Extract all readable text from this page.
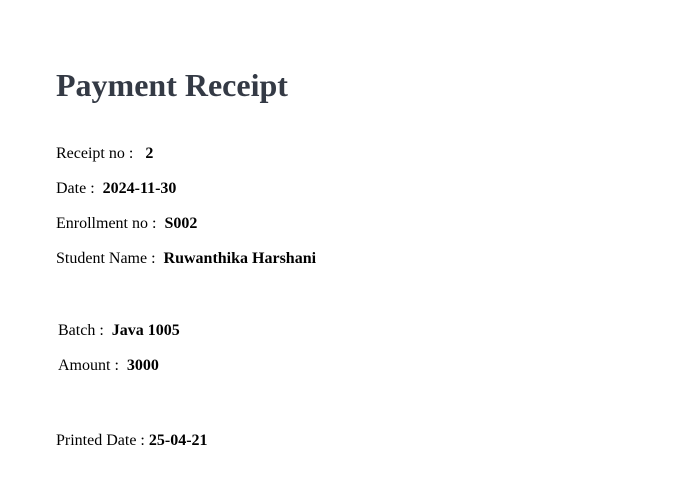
Payment Receipt
Receipt no : 2
Date : 2024-11-30
Enrollment no : S002
Student Name : Ruwanthika Harshani
Batch : Java 1005
Amount : 3000
Printed Date : 25-04-21
